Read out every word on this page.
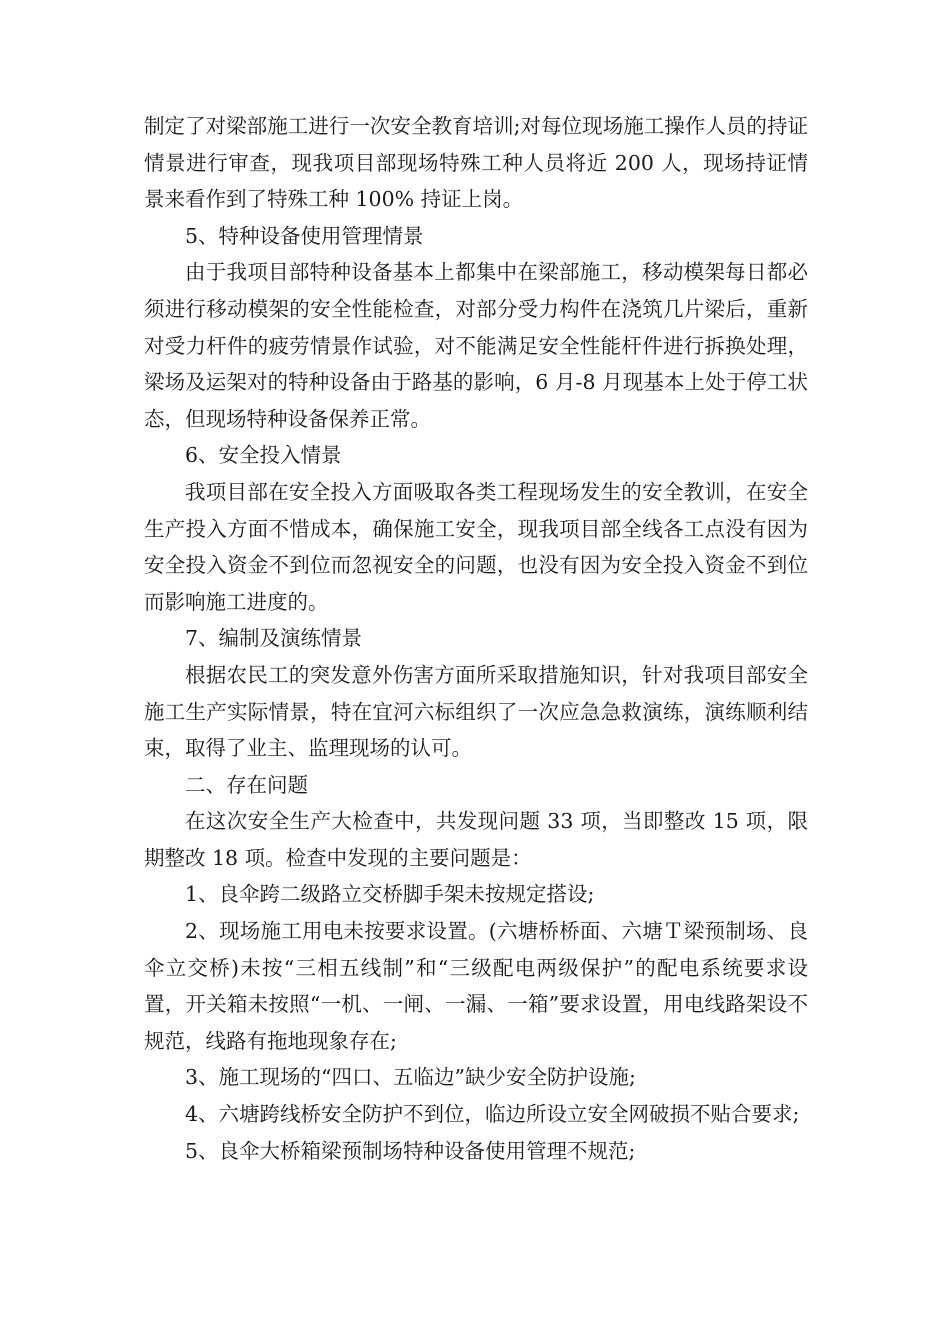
制定了对梁部施工进行一次安全教育培训;对每位现场施工操作人员的持证情景进行审查，现我项目部现场特殊工种人员将近 200 人，现场持证情景来看作到了特殊工种 100% 持证上岗。

5、特种设备使用管理情景

由于我项目部特种设备基本上都集中在梁部施工，移动模架每日都必须进行移动模架的安全性能检查，对部分受力构件在浇筑几片梁后，重新对受力杆件的疲劳情景作试验，对不能满足安全性能杆件进行拆换处理，梁场及运架对的特种设备由于路基的影响，6 月-8 月现基本上处于停工状态，但现场特种设备保养正常。

6、安全投入情景

我项目部在安全投入方面吸取各类工程现场发生的安全教训，在安全生产投入方面不惜成本，确保施工安全，现我项目部全线各工点没有因为安全投入资金不到位而忽视安全的问题，也没有因为安全投入资金不到位而影响施工进度的。

7、编制及演练情景

根据农民工的突发意外伤害方面所采取措施知识，针对我项目部安全施工生产实际情景，特在宜河六标组织了一次应急急救演练，演练顺利结束，取得了业主、监理现场的认可。

二、存在问题

在这次安全生产大检查中，共发现问题 33 项，当即整改 15 项，限期整改 18 项。检查中发现的主要问题是：

1、良伞跨二级路立交桥脚手架未按规定搭设;

2、现场施工用电未按要求设置。(六塘桥桥面、六塘Ｔ梁预制场、良伞立交桥)未按“三相五线制”和“三级配电两级保护”的配电系统要求设置，开关箱未按照“一机、一闸、一漏、一箱”要求设置，用电线路架设不规范，线路有拖地现象存在;

3、施工现场的“四口、五临边”缺少安全防护设施;

4、六塘跨线桥安全防护不到位，临边所设立安全网破损不贴合要求;

5、良伞大桥箱梁预制场特种设备使用管理不规范;
